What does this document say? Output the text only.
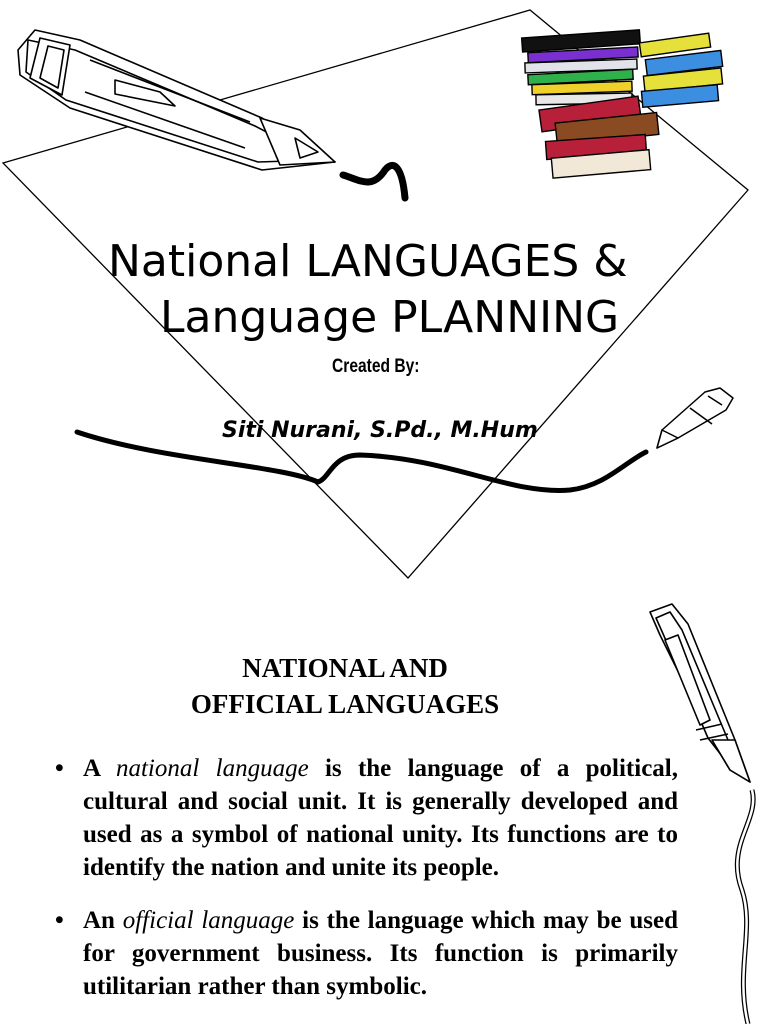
National LANGUAGES &
Language PLANNING
Created By:
Siti Nurani, S.Pd., M.Hum
NATIONAL AND
OFFICIAL LANGUAGES
• A national language is the language of a political, cultural and social unit. It is generally developed and used as a symbol of national unity. Its functions are to identify the nation and unite its people.

• An official language is the language which may be used for government business. Its function is primarily utilitarian rather than symbolic.
